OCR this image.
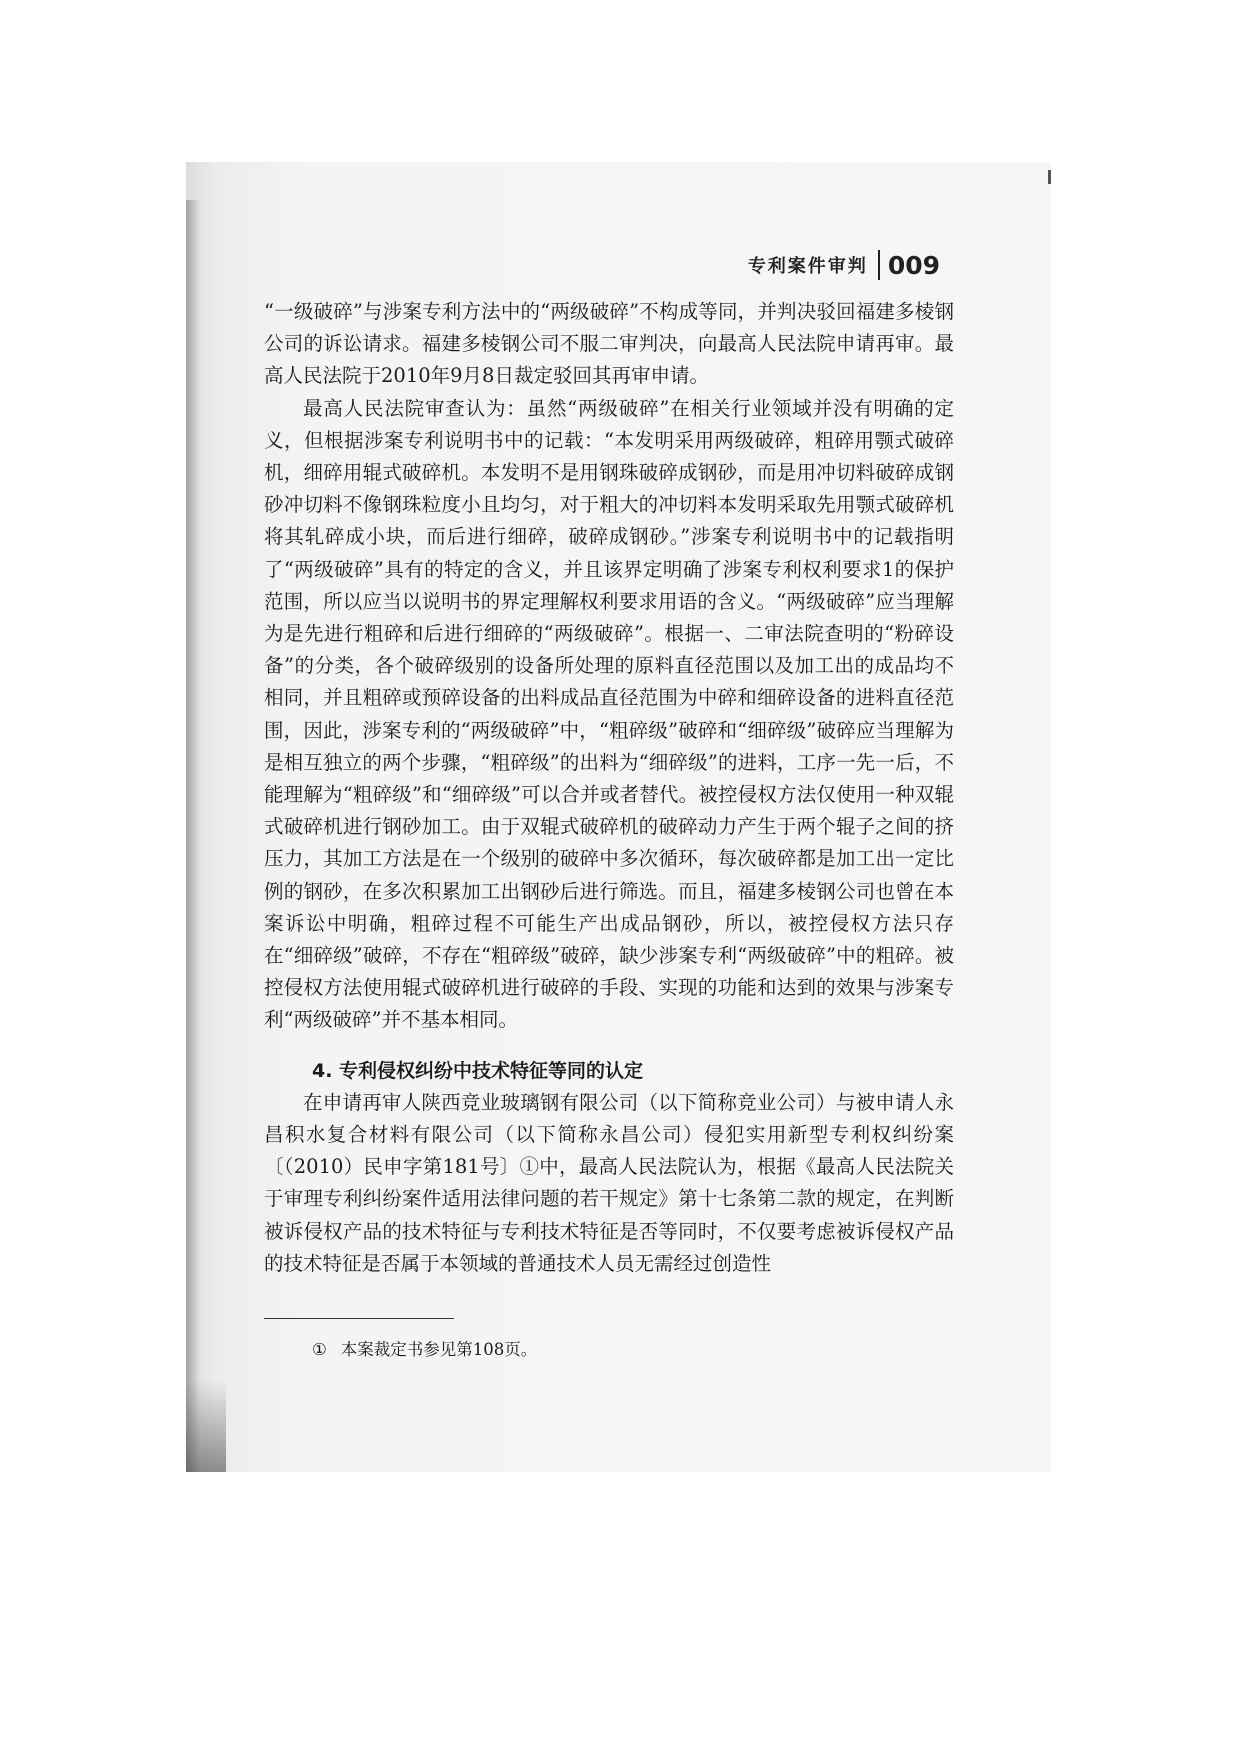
专利案件审判 009

“一级破碎”与涉案专利方法中的“两级破碎”不构成等同，并判决驳回福建多棱钢公司的诉讼请求。福建多棱钢公司不服二审判决，向最高人民法院申请再审。最高人民法院于2010年9月8日裁定驳回其再审申请。

最高人民法院审查认为：虽然“两级破碎”在相关行业领域并没有明确的定义，但根据涉案专利说明书中的记载：“本发明采用两级破碎，粗碎用颚式破碎机，细碎用辊式破碎机。本发明不是用钢珠破碎成钢砂，而是用冲切料破碎成钢砂冲切料不像钢珠粒度小且均匀，对于粗大的冲切料本发明采取先用颚式破碎机将其轧碎成小块，而后进行细碎，破碎成钢砂。”涉案专利说明书中的记载指明了“两级破碎”具有的特定的含义，并且该界定明确了涉案专利权利要求1的保护范围，所以应当以说明书的界定理解权利要求用语的含义。“两级破碎”应当理解为是先进行粗碎和后进行细碎的“两级破碎”。根据一、二审法院查明的“粉碎设备”的分类，各个破碎级别的设备所处理的原料直径范围以及加工出的成品均不相同，并且粗碎或预碎设备的出料成品直径范围为中碎和细碎设备的进料直径范围，因此，涉案专利的“两级破碎”中，“粗碎级”破碎和“细碎级”破碎应当理解为是相互独立的两个步骤，“粗碎级”的出料为“细碎级”的进料，工序一先一后，不能理解为“粗碎级”和“细碎级”可以合并或者替代。被控侵权方法仅使用一种双辊式破碎机进行钢砂加工。由于双辊式破碎机的破碎动力产生于两个辊子之间的挤压力，其加工方法是在一个级别的破碎中多次循环，每次破碎都是加工出一定比例的钢砂，在多次积累加工出钢砂后进行筛选。而且，福建多棱钢公司也曾在本案诉讼中明确，粗碎过程不可能生产出成品钢砂，所以，被控侵权方法只存在“细碎级”破碎，不存在“粗碎级”破碎，缺少涉案专利“两级破碎”中的粗碎。被控侵权方法使用辊式破碎机进行破碎的手段、实现的功能和达到的效果与涉案专利“两级破碎”并不基本相同。

4. 专利侵权纠纷中技术特征等同的认定

在申请再审人陕西竞业玻璃钢有限公司（以下简称竞业公司）与被申请人永昌积水复合材料有限公司（以下简称永昌公司）侵犯实用新型专利权纠纷案〔（2010）民申字第181号〕①中，最高人民法院认为，根据《最高人民法院关于审理专利纠纷案件适用法律问题的若干规定》第十七条第二款的规定，在判断被诉侵权产品的技术特征与专利技术特征是否等同时，不仅要考虑被诉侵权产品的技术特征是否属于本领域的普通技术人员无需经过创造性

① 本案裁定书参见第108页。
